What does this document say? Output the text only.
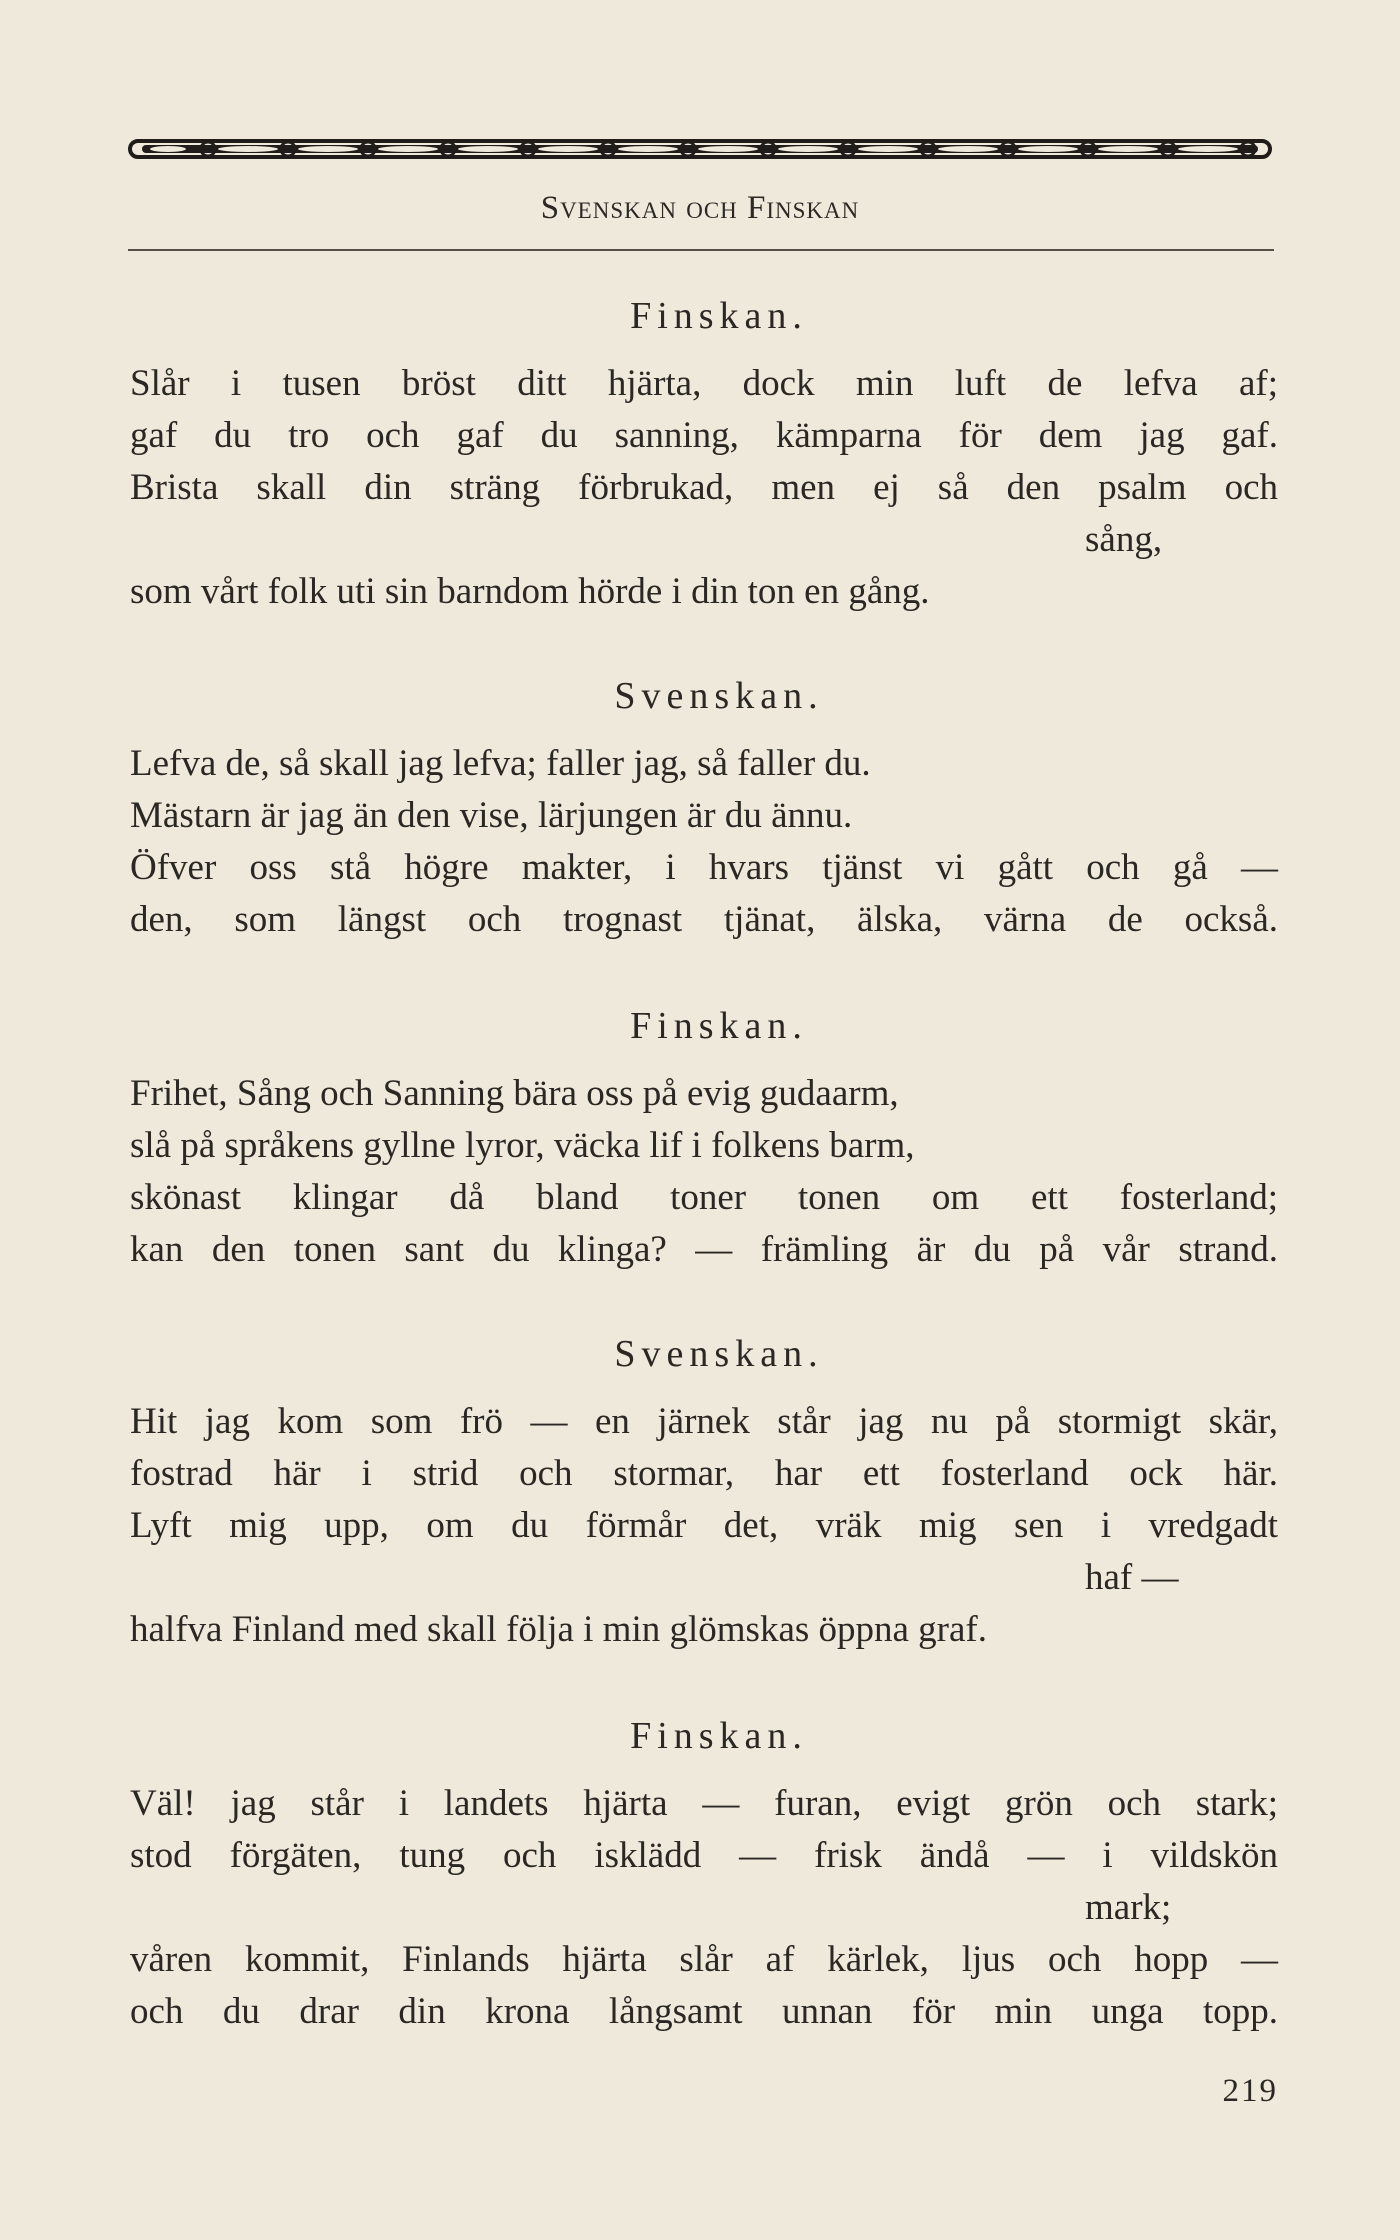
Svenskan och Finskan
Finskan.
Slår i tusen bröst ditt hjärta, dock min luft de lefva af;
gaf du tro och gaf du sanning, kämparna för dem jag gaf.
Brista skall din sträng förbrukad, men ej så den psalm och
sång,
som vårt folk uti sin barndom hörde i din ton en gång.
Svenskan.
Lefva de, så skall jag lefva; faller jag, så faller du.
Mästarn är jag än den vise, lärjungen är du ännu.
Öfver oss stå högre makter, i hvars tjänst vi gått och gå —
den, som längst och trognast tjänat, älska, värna de också.
Finskan.
Frihet, Sång och Sanning bära oss på evig gudaarm,
slå på språkens gyllne lyror, väcka lif i folkens barm,
skönast klingar då bland toner tonen om ett fosterland;
kan den tonen sant du klinga? — främling är du på vår strand.
Svenskan.
Hit jag kom som frö — en järnek står jag nu på stormigt skär,
fostrad här i strid och stormar, har ett fosterland ock här.
Lyft mig upp, om du förmår det, vräk mig sen i vredgadt
haf —
halfva Finland med skall följa i min glömskas öppna graf.
Finskan.
Väl! jag står i landets hjärta — furan, evigt grön och stark;
stod förgäten, tung och isklädd — frisk ändå — i vildskön
mark;
våren kommit, Finlands hjärta slår af kärlek, ljus och hopp —
och du drar din krona långsamt unnan för min unga topp.
219
